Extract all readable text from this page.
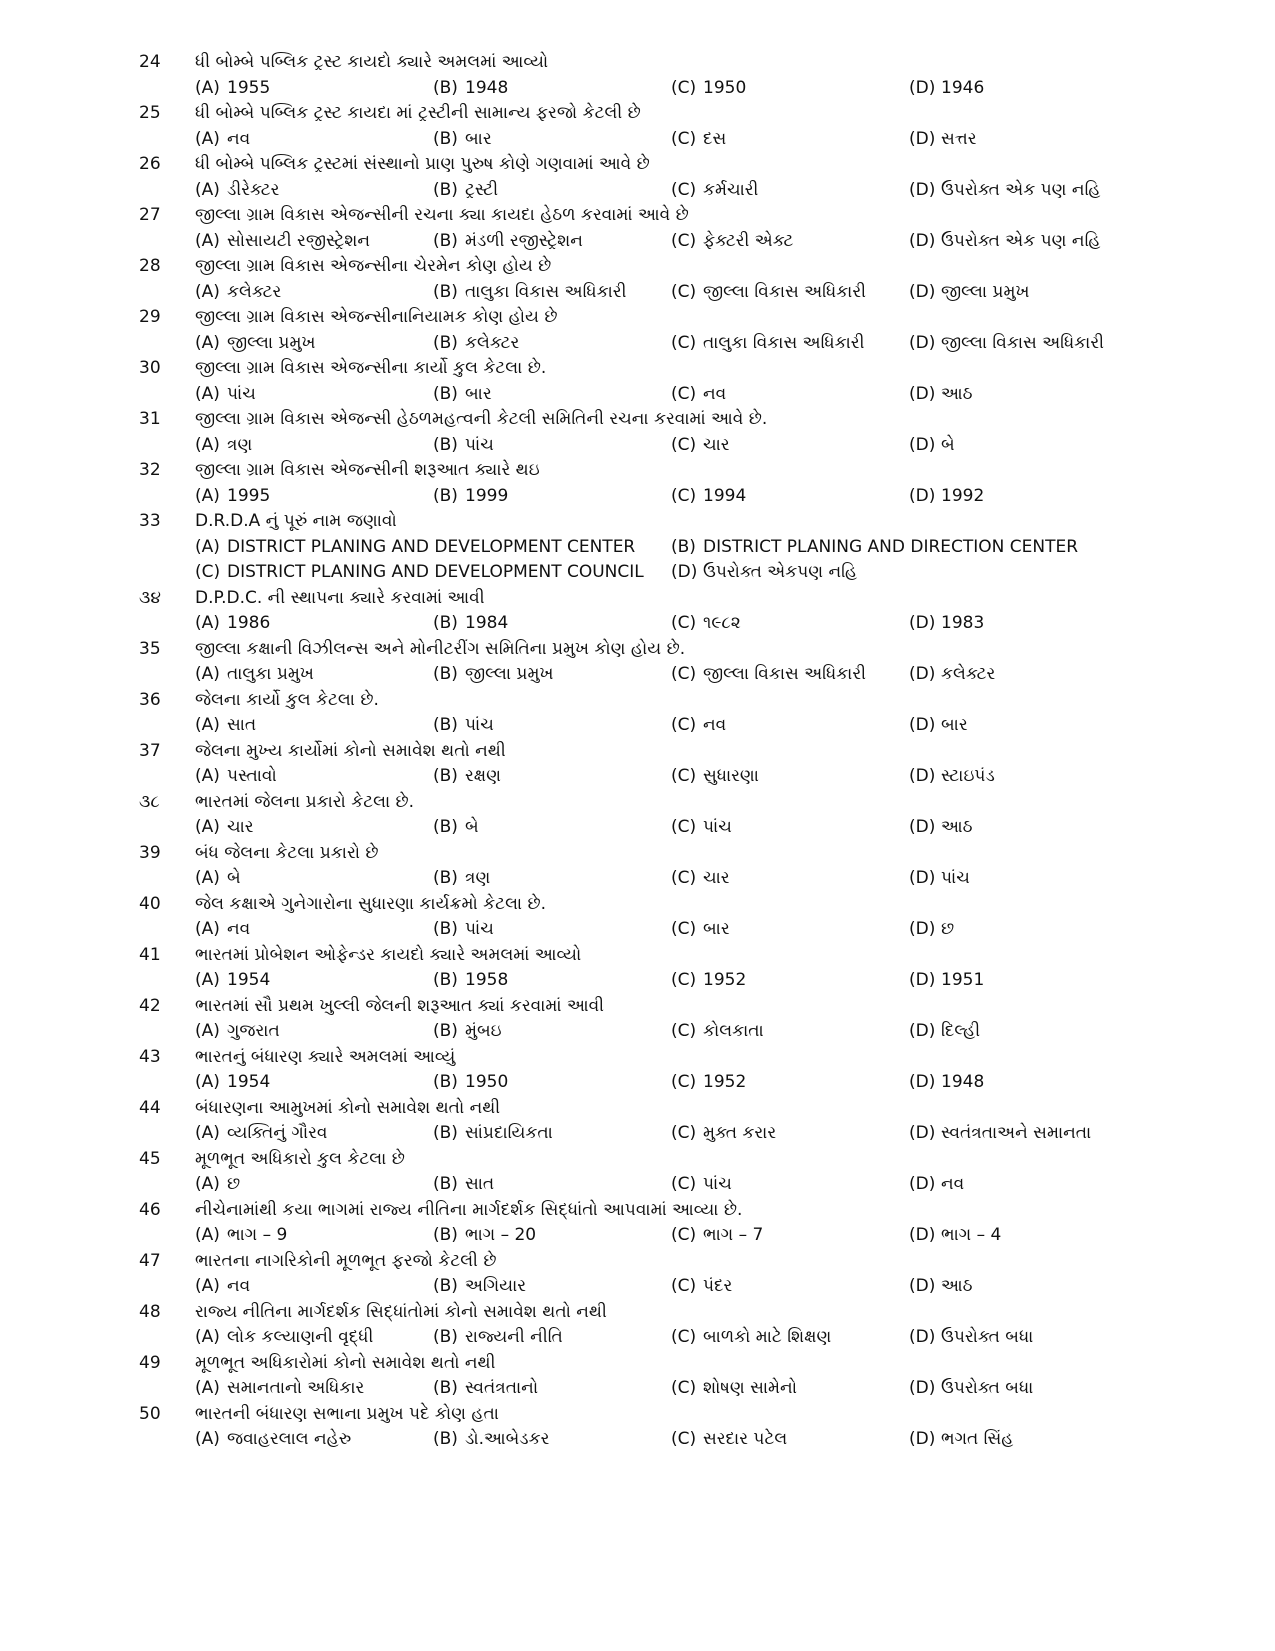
24	ધી બોમ્બે પબ્લિક ટ્રસ્ટ કાયદો ક્યારે અમલમાં આવ્યો
(A) 1955	(B) 1948	(C) 1950	(D) 1946
25	ધી બોમ્બે પબ્લિક ટ્રસ્ટ કાયદા માં ટ્રસ્ટીની સામાન્ય ફરજો કેટલી છે
(A) નવ	(B) બાર	(C) દસ	(D) સત્તર
26	ધી બોમ્બે પબ્લિક ટ્રસ્ટમાં સંસ્થાનો પ્રાણ પુરુષ કોણે ગણવામાં આવે છે
(A) ડીરેક્ટર	(B) ટ્રસ્ટી	(C) કર્મચારી	(D) ઉપરોક્ત એક પણ નહિ
27	જીલ્લા ગ્રામ વિકાસ એજન્સીની રચના ક્યા કાયદા હેઠળ કરવામાં આવે છે
(A) સોસાયટી રજીસ્ટ્રેશન	(B) મંડળી રજીસ્ટ્રેશન	(C) ફેક્ટરી એક્ટ	(D) ઉપરોક્ત એક પણ નહિ
28	જીલ્લા ગ્રામ વિકાસ એજન્સીના ચેરમેન કોણ હોય છે
(A) કલેક્ટર	(B) તાલુકા વિકાસ અધિકારી	(C) જીલ્લા વિકાસ અધિકારી	(D) જીલ્લા પ્રમુખ
29	જીલ્લા ગ્રામ વિકાસ એજન્સીનાનિયામક કોણ હોય છે
(A) જીલ્લા પ્રમુખ	(B) કલેક્ટર	(C) તાલુકા વિકાસ અધિકારી	(D) જીલ્લા વિકાસ અધિકારી
30	જીલ્લા ગ્રામ વિકાસ એજન્સીના કાર્યો કુલ કેટલા છે.
(A) પાંચ	(B) બાર	(C) નવ	(D) આઠ
31	જીલ્લા ગ્રામ વિકાસ એજન્સી હેઠળમહત્વની કેટલી સમિતિની રચના કરવામાં આવે છે.
(A) ત્રણ	(B) પાંચ	(C) ચાર	(D) બે
32	જીલ્લા ગ્રામ વિકાસ એજન્સીની શરૂઆત ક્યારે થઇ
(A) 1995	(B) 1999	(C) 1994	(D) 1992
33	D.R.D.A નું પૂરું નામ જણાવો
(A) DISTRICT PLANING AND DEVELOPMENT CENTER	(B) DISTRICT PLANING AND DIRECTION CENTER
(C) DISTRICT PLANING AND DEVELOPMENT COUNCIL	(D) ઉપરોક્ત એકપણ નહિ
૩૪	D.P.D.C. ની સ્થાપના ક્યારે કરવામાં આવી
(A) 1986	(B) 1984	(C) ૧૯૮૨	(D) 1983
35	જીલ્લા કક્ષાની વિઝીલન્સ અને મોનીટરીંગ સમિતિના પ્રમુખ કોણ હોય છે.
(A) તાલુકા પ્રમુખ	(B) જીલ્લા પ્રમુખ	(C) જીલ્લા વિકાસ અધિકારી	(D) કલેક્ટર
36	જેલના કાર્યો કુલ કેટલા છે.
(A) સાત	(B) પાંચ	(C) નવ	(D) બાર
37	જેલના મુખ્ય કાર્યોમાં કોનો સમાવેશ થતો નથી
(A) પસ્તાવો	(B) રક્ષણ	(C) સુધારણા	(D) સ્ટાઇપંડ
૩૮	ભારતમાં જેલના પ્રકારો કેટલા છે.
(A) ચાર	(B) બે	(C) પાંચ	(D) આઠ
39	બંધ જેલના કેટલા પ્રકારો છે
(A) બે	(B) ત્રણ	(C) ચાર	(D) પાંચ
40	જેલ કક્ષાએ ગુનેગારોના સુધારણા કાર્યક્રમો કેટલા છે.
(A) નવ	(B) પાંચ	(C) બાર	(D) છ
41	ભારતમાં પ્રોબેશન ઓફેન્ડર કાયદો ક્યારે અમલમાં આવ્યો
(A) 1954	(B) 1958	(C) 1952	(D) 1951
42	ભારતમાં સૌ પ્રથમ ખુલ્લી જેલની શરૂઆત ક્યાં કરવામાં આવી
(A) ગુજરાત	(B) મુંબઇ	(C) કોલકાતા	(D) દિલ્હી
43	ભારતનું બંધારણ ક્યારે અમલમાં આવ્યું
(A) 1954	(B) 1950	(C) 1952	(D) 1948
44	બંધારણના આમુખમાં કોનો સમાવેશ થતો નથી
(A) વ્યક્તિનું ગૌરવ	(B) સાંપ્રદાયિકતા	(C) મુક્ત કરાર	(D) સ્વતંત્રતાઅને સમાનતા
45	મૂળભૂત અધિકારો કુલ કેટલા છે
(A) છ	(B) સાત	(C) પાંચ	(D) નવ
46	નીચેનામાંથી કયા ભાગમાં રાજ્ય નીતિના માર્ગદર્શક સિદ્ધાંતો આપવામાં આવ્યા છે.
(A) ભાગ – 9	(B) ભાગ – 20	(C) ભાગ – 7	(D) ભાગ – 4
47	ભારતના નાગરિકોની મૂળભૂત ફરજો કેટલી છે
(A) નવ	(B) અગિયાર	(C) પંદર	(D) આઠ
48	રાજ્ય નીતિના માર્ગદર્શક સિદ્ધાંતોમાં કોનો સમાવેશ થતો નથી
(A) લોક કલ્યાણની વૃદ્ધી	(B) રાજ્યની નીતિ	(C) બાળકો માટે શિક્ષણ	(D) ઉપરોક્ત બધા
49	મૂળભૂત અધિકારોમાં કોનો સમાવેશ થતો નથી
(A) સમાનતાનો અધિકાર	(B) સ્વતંત્રતાનો	(C) શોષણ સામેનો	(D) ઉપરોક્ત બધા
50	ભારતની બંધારણ સભાના પ્રમુખ પદે કોણ હતા
(A) જવાહરલાલ નહેરુ	(B) ડો.આબેડકર	(C) સરદાર પટેલ	(D) ભગત સિંહ
